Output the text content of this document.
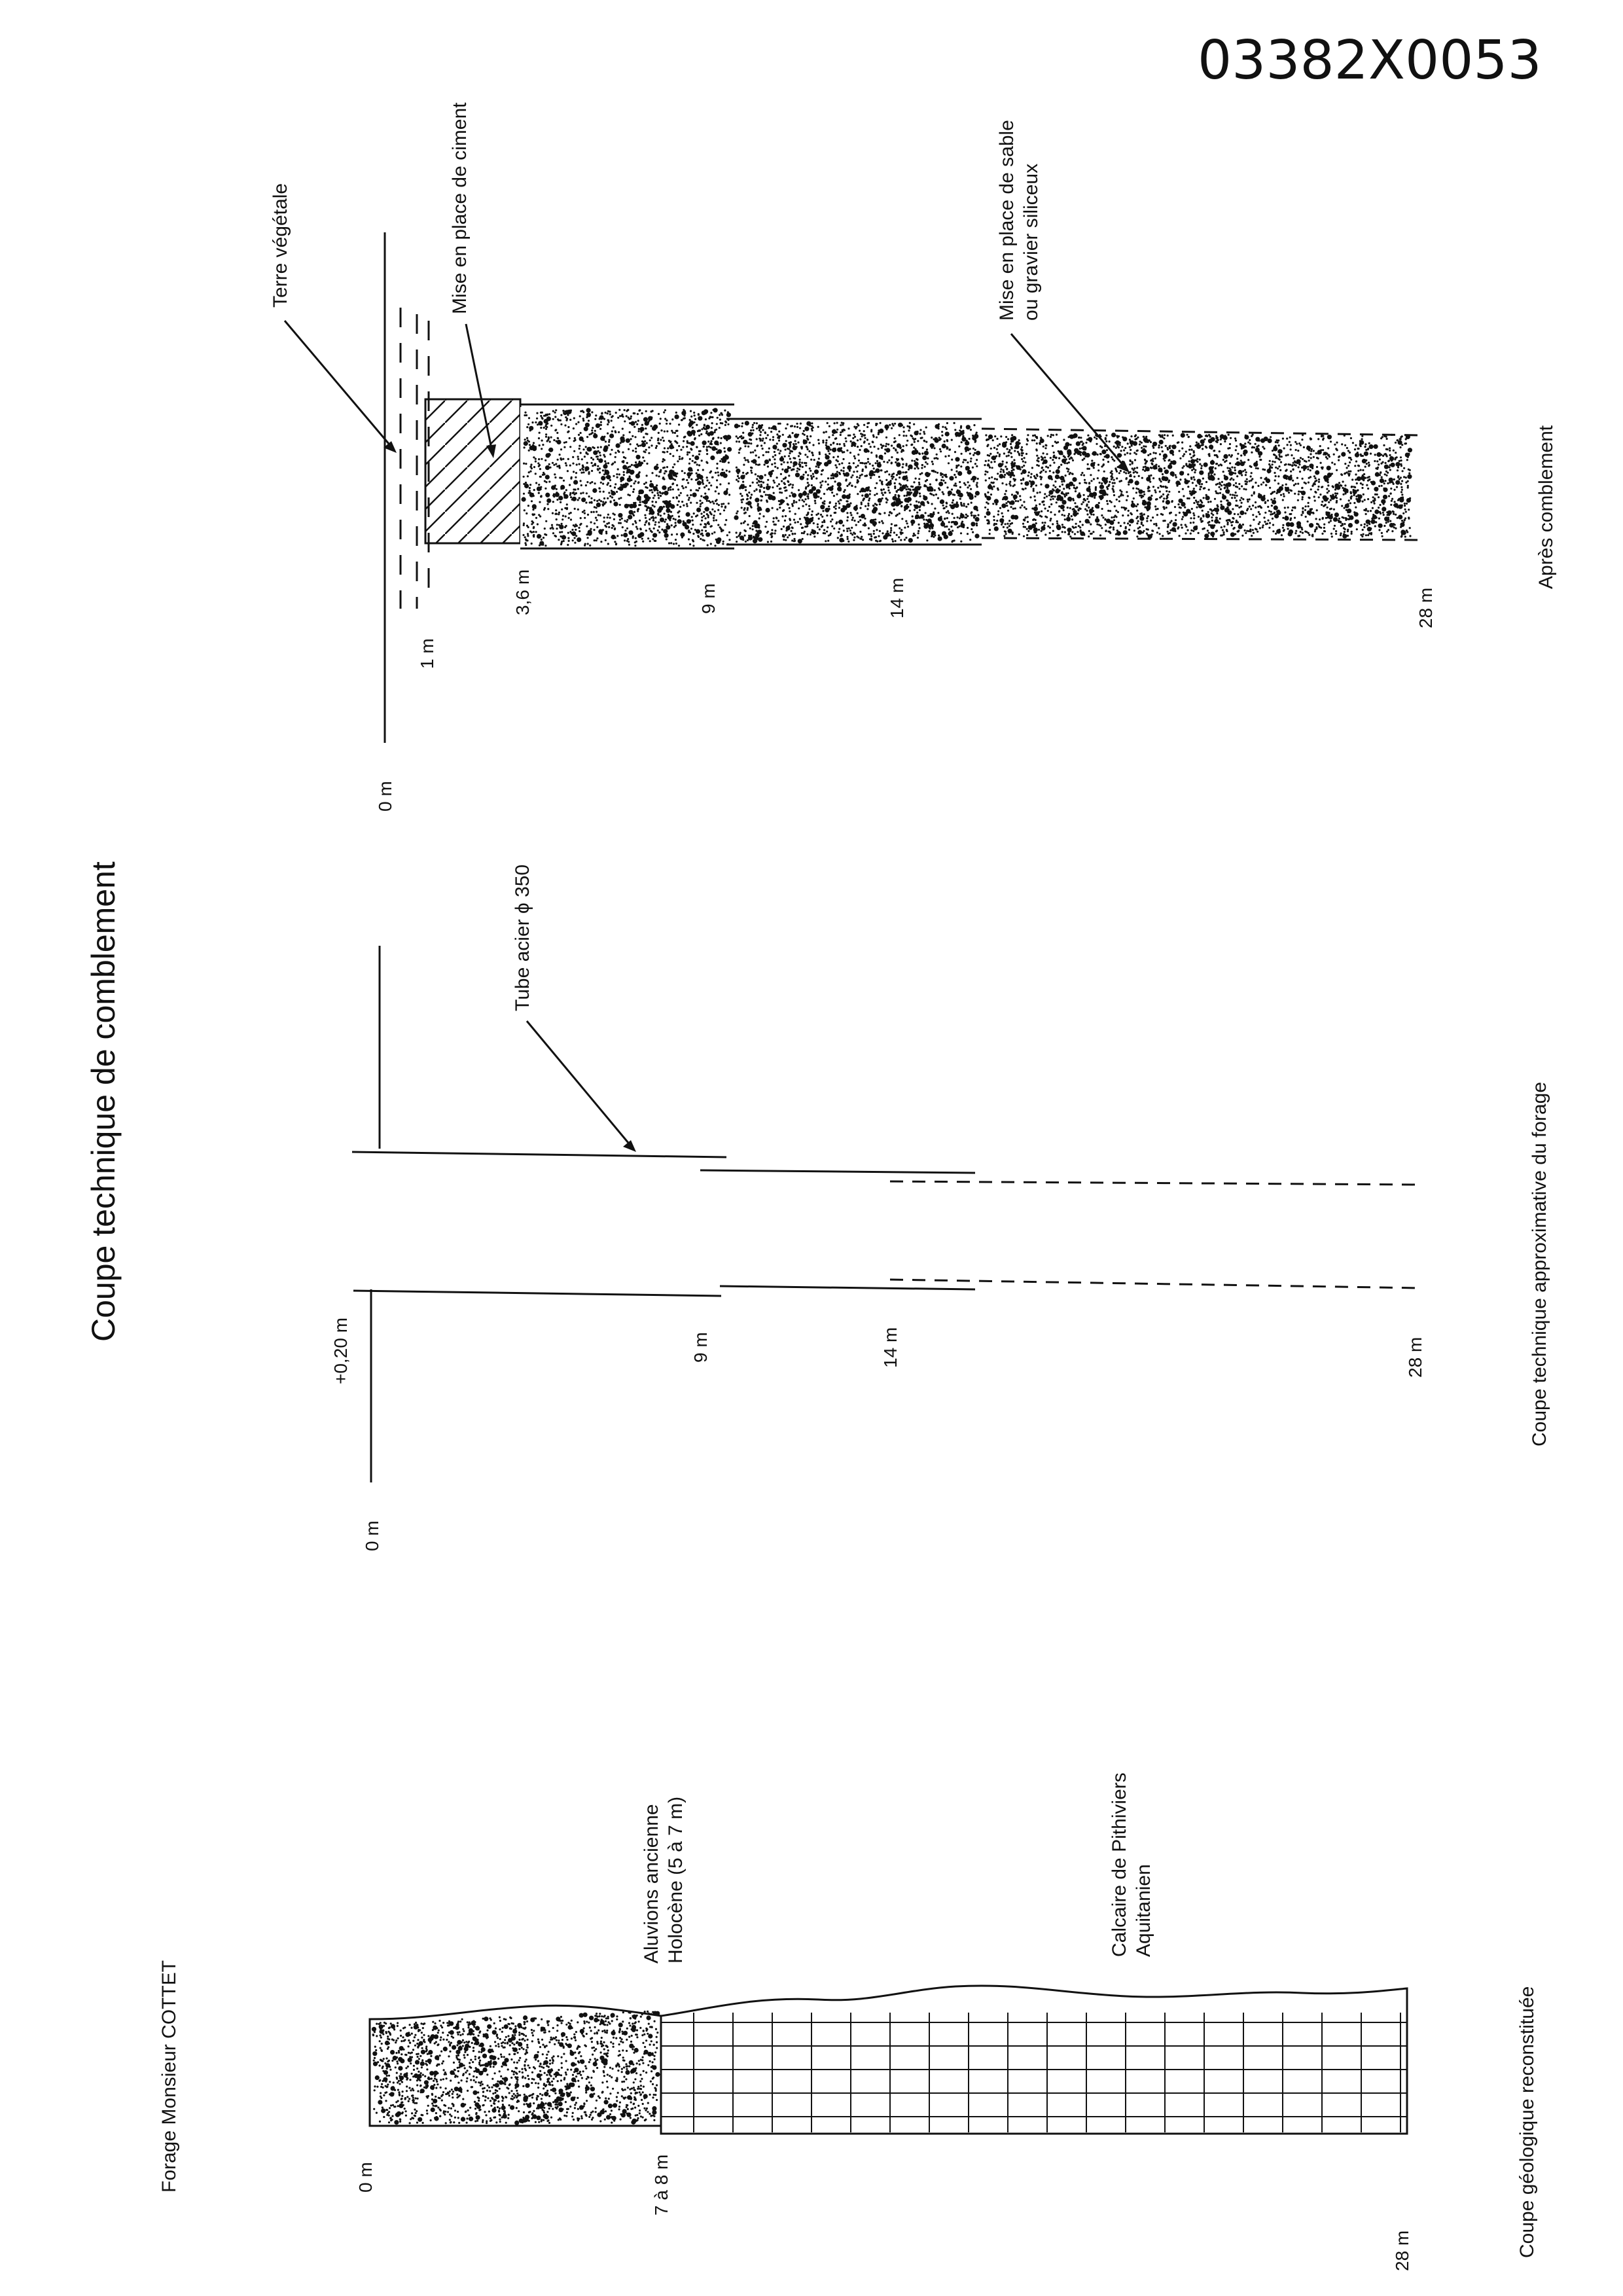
03382X0053
Coupe technique de comblement
Forage Monsieur COTTET
Terre végétale	Mise en place de ciment	Mise en place de sable ou gravier siliceux
0 m
1 m
3,6 m	9 m	14 m	28 m
Après comblement
Tube acier ϕ 350
0 m
+0,20 m	9 m	14 m	28 m	Coupe technique approximative du forage
Aluvions ancienne Holocène (5 à 7 m)	Calcaire de Pithiviers Aquitanien
0 m	7 à 8 m
28 m	Coupe géologique reconstituée
